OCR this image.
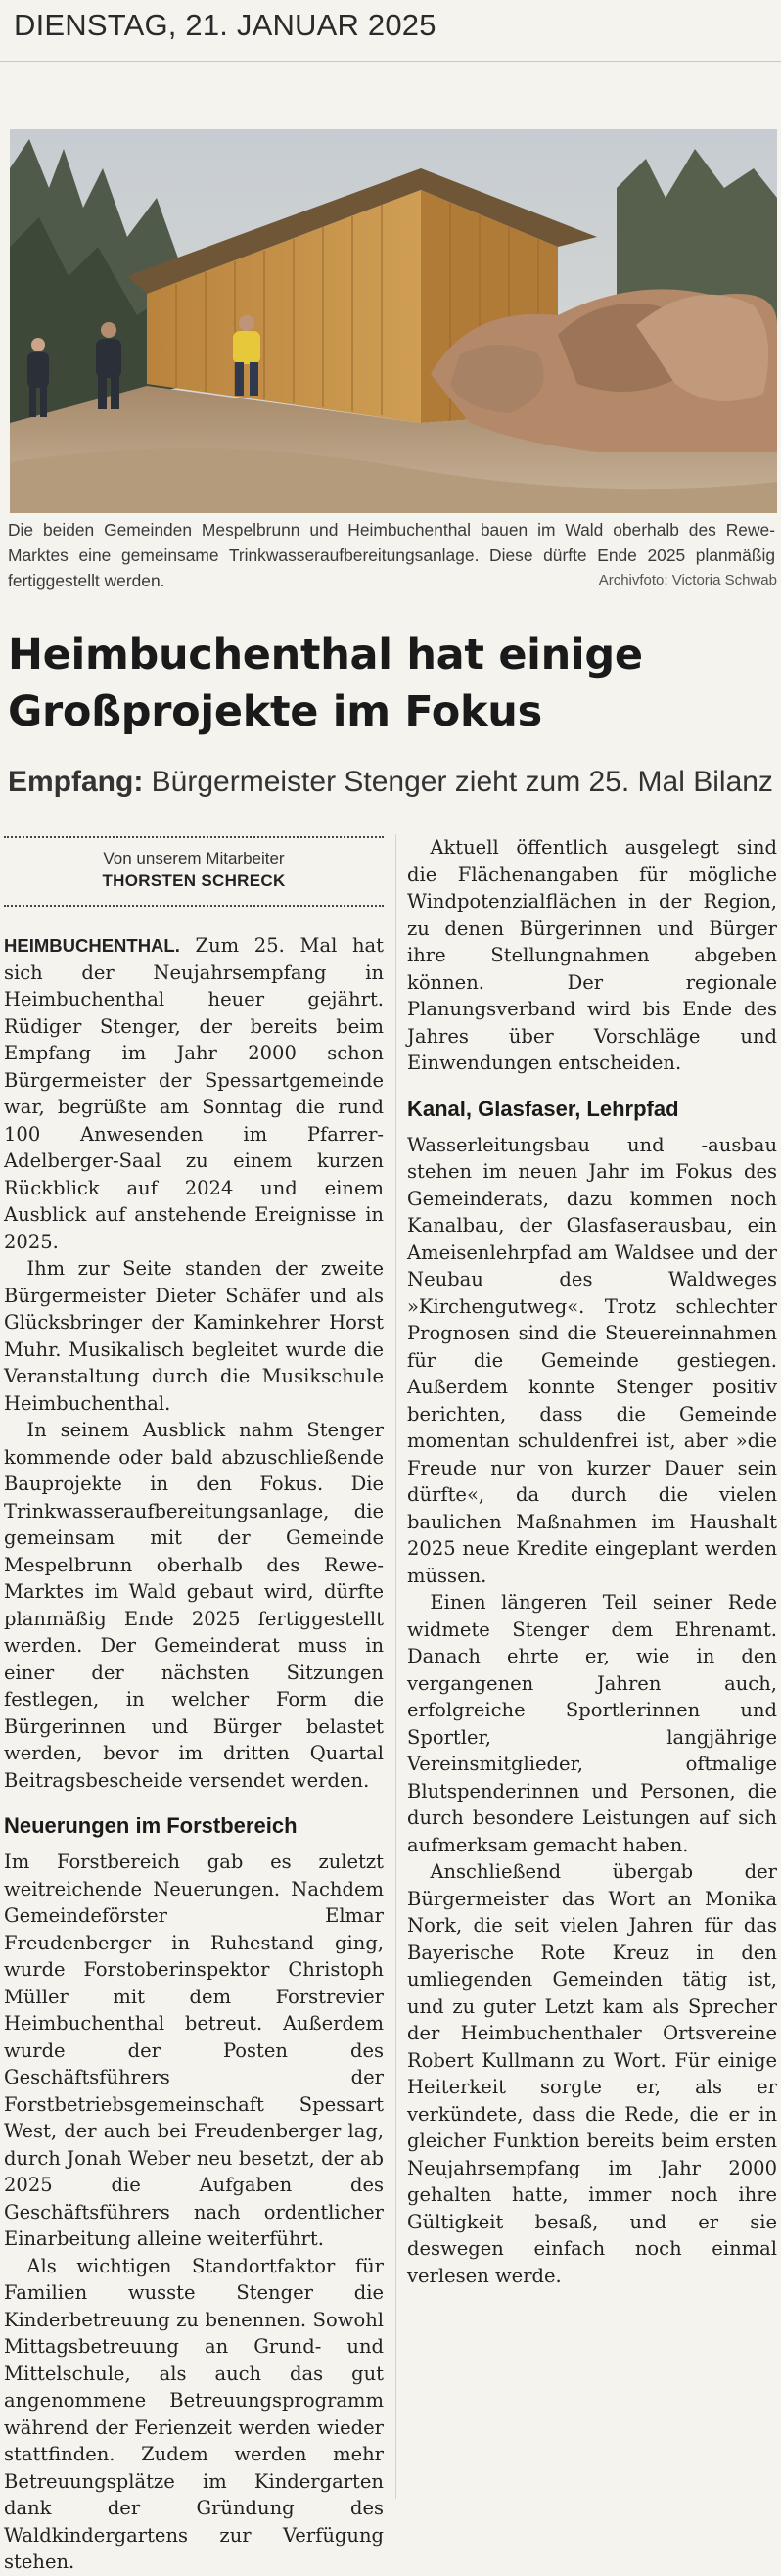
DIENSTAG, 21. JANUAR 2025
Die beiden Gemeinden Mespelbrunn und Heimbuchenthal bauen im Wald oberhalb des Rewe-Marktes eine gemeinsame Trinkwasseraufbereitungsanlage. Diese dürfte Ende 2025 planmäßig fertiggestellt werden.	Archivfoto: Victoria Schwab
Heimbuchenthal hat einige Großprojekte im Fokus
Empfang: Bürgermeister Stenger zieht zum 25. Mal Bilanz
Von unserem Mitarbeiter
THORSTEN SCHRECK

HEIMBUCHENTHAL. Zum 25. Mal hat sich der Neujahrsempfang in Heimbuchenthal heuer gejährt. Rüdiger Stenger, der bereits beim Empfang im Jahr 2000 schon Bürgermeister der Spessartgemeinde war, begrüßte am Sonntag die rund 100 Anwesenden im Pfarrer-Adelberger-Saal zu einem kurzen Rückblick auf 2024 und einem Ausblick auf anstehende Ereignisse in 2025.

Ihm zur Seite standen der zweite Bürgermeister Dieter Schäfer und als Glücksbringer der Kaminkehrer Horst Muhr. Musikalisch begleitet wurde die Veranstaltung durch die Musikschule Heimbuchenthal.

In seinem Ausblick nahm Stenger kommende oder bald abzuschließende Bauprojekte in den Fokus. Die Trinkwasseraufbereitungsanlage, die gemeinsam mit der Gemeinde Mespelbrunn oberhalb des Rewe-Marktes im Wald gebaut wird, dürfte planmäßig Ende 2025 fertiggestellt werden. Der Gemeinderat muss in einer der nächsten Sitzungen festlegen, in welcher Form die Bürgerinnen und Bürger belastet werden, bevor im dritten Quartal Beitragsbescheide versendet werden.

Neuerungen im Forstbereich

Im Forstbereich gab es zuletzt weitreichende Neuerungen. Nachdem Gemeindeförster Elmar Freudenberger in Ruhestand ging, wurde Forstoberinspektor Christoph Müller mit dem Forstrevier Heimbuchenthal betreut. Außerdem wurde der Posten des Geschäftsführers der Forstbetriebsgemeinschaft Spessart West, der auch bei Freudenberger lag, durch Jonah Weber neu besetzt, der ab 2025 die Aufgaben des Geschäftsführers nach ordentlicher Einarbeitung alleine weiterführt.

Als wichtigen Standortfaktor für Familien wusste Stenger die Kinderbetreuung zu benennen. Sowohl Mittagsbetreuung an Grund- und Mittelschule, als auch das gut angenommene Betreuungsprogramm während der Ferienzeit werden wieder stattfinden. Zudem werden mehr Betreuungsplätze im Kindergarten dank der Gründung des Waldkindergartens zur Verfügung stehen.

Aktuell öffentlich ausgelegt sind die Flächenangaben für mögliche Windpotenzialflächen in der Region, zu denen Bürgerinnen und Bürger ihre Stellungnahmen abgeben können. Der regionale Planungsverband wird bis Ende des Jahres über Vorschläge und Einwendungen entscheiden.

Kanal, Glasfaser, Lehrpfad

Wasserleitungsbau und -ausbau stehen im neuen Jahr im Fokus des Gemeinderats, dazu kommen noch Kanalbau, der Glasfaserausbau, ein Ameisenlehrpfad am Waldsee und der Neubau des Waldweges »Kirchengutweg«. Trotz schlechter Prognosen sind die Steuereinnahmen für die Gemeinde gestiegen. Außerdem konnte Stenger positiv berichten, dass die Gemeinde momentan schuldenfrei ist, aber »die Freude nur von kurzer Dauer sein dürfte«, da durch die vielen baulichen Maßnahmen im Haushalt 2025 neue Kredite eingeplant werden müssen.

Einen längeren Teil seiner Rede widmete Stenger dem Ehrenamt. Danach ehrte er, wie in den vergangenen Jahren auch, erfolgreiche Sportlerinnen und Sportler, langjährige Vereinsmitglieder, oftmalige Blutspenderinnen und Personen, die durch besondere Leistungen auf sich aufmerksam gemacht haben.

Anschließend übergab der Bürgermeister das Wort an Monika Nork, die seit vielen Jahren für das Bayerische Rote Kreuz in den umliegenden Gemeinden tätig ist, und zu guter Letzt kam als Sprecher der Heimbuchenthaler Ortsvereine Robert Kullmann zu Wort. Für einige Heiterkeit sorgte er, als er verkündete, dass die Rede, die er in gleicher Funktion bereits beim ersten Neujahrsempfang im Jahr 2000 gehalten hatte, immer noch ihre Gültigkeit besaß, und er sie deswegen einfach noch einmal verlesen werde.
